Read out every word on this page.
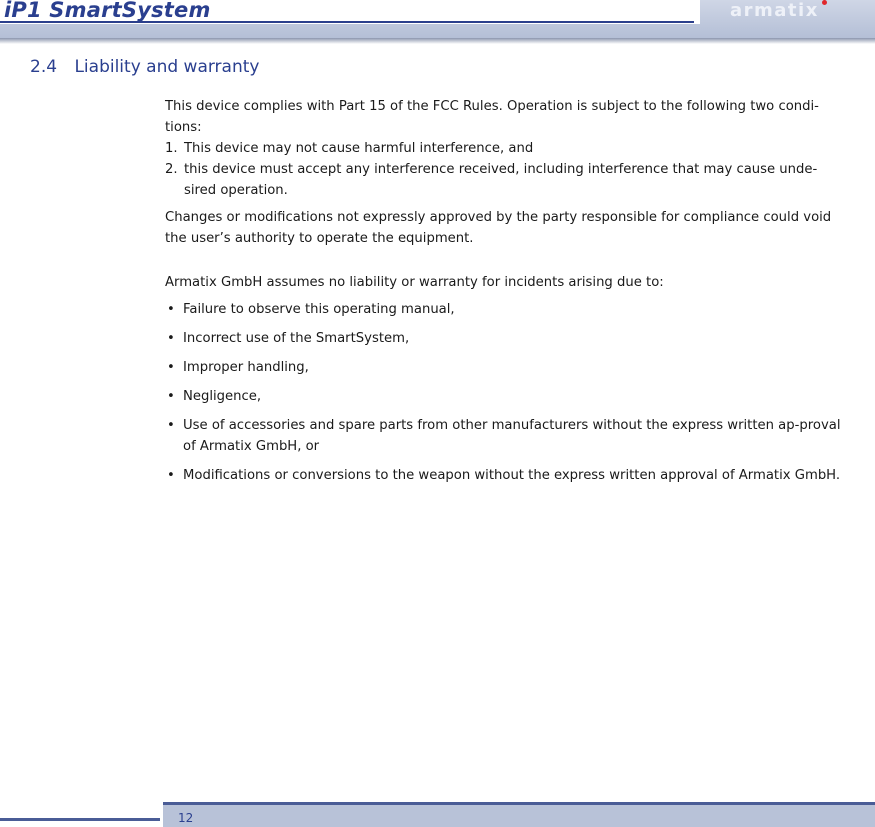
iP1 SmartSystem	armatix
2.4 Liability and warranty

This device complies with Part 15 of the FCC Rules. Operation is subject to the following two condi-
tions:

1. This device may not cause harmful interference, and

2. this device must accept any interference received, including interference that may cause unde-sired operation.

Changes or modifications not expressly approved by the party responsible for compliance could void the user’s authority to operate the equipment.

Armatix GmbH assumes no liability or warranty for incidents arising due to:

• Failure to observe this operating manual,
• Incorrect use of the SmartSystem,
• Improper handling,
• Negligence,
• Use of accessories and spare parts from other manufacturers without the express written ap-proval of Armatix GmbH, or
• Modifications or conversions to the weapon without the express written approval of Armatix GmbH.
12
